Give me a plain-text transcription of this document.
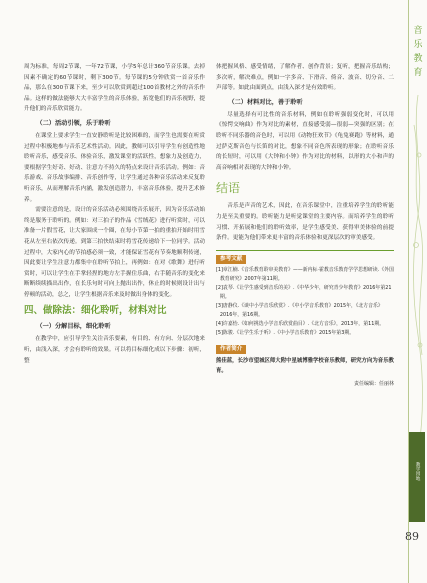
周为标准，每周2节课，一年72节课，小学5年总计360节音乐课。去掉因素不确定的60节课时，剩下300节。每节课的5分钟欣赏一首音乐作品，那么在300节课下来，至少可以欣赏到超过100首教材之外的音乐作品。这样的做法能够大大丰富学生的音乐体验，拓宽他们的音乐视野，提升他们的音乐欣赏能力。

（二）活动引领，乐于聆听

在课堂上要求学生一直安静聆听是比较困难的，而学生也需要在听赏过程中积极地参与音乐艺术性活动。因此，教师可以引导学生有创造性地聆听音乐，感受音乐、体验音乐，激发课堂的活跃性，想象力及创造力，要根据学生好奇、好动、注意力不持久的特点来设计音乐活动。例如：音乐游戏、音乐故事编排、音乐创作等，让学生通过各种音乐活动来反复聆听音乐，从而理解音乐内涵，激发创造潜力，丰富音乐体验，提升艺术修养。

需要注意的是，设计的音乐活动必须围绕音乐展开，因为音乐活动始终是服务于聆听的。例如：对三拍子的作品《雪绒花》进行听赏时，可以准备一片假雪花，让大家围成一个圈，在每小节第一拍的重拍开始时用雪花从左至右依次传递。到第三拍快结束时将雪花传递给下一位同学。活动过程中，大家内心的节拍感必须一致，才能保证雪花有节奏地顺利传递，因此要让学生注意力都集中在聆听节拍上，再例如：在对《歌舞》进行听赏时，可以让学生在手掌轻捏的地方左手握住乐曲，右手随音乐的变化来断断续续描出出作，在长乐句时可向上抛出出作，休止的时候则设计出与停顿的活动，总之，让学生根据音乐来及时做出身体的变化。

四、做除法：细化聆听，材料对比
（一）分解目标，细化聆听

在教学中，应引导学生关注音乐要素，有目的、有方向、分层次地来听，由浅入深，才会有聆听的效果。可以将目标细化成以下步骤：初听，整

体把握风格、感受情绪，了解作者、创作背景；复听，把握音乐结构；多次听，解决难点，例如一字多音、下滑音、倚音、波音、切分音、二声部等。如此由面到点，由浅入深才是有效聆听。

（二）材料对比，善于聆听

尽量选择有可比性的音乐材料，例如在聆听强弱变化时，可以用《惊愕交响曲》作为对比的素材，直接感受弱—很弱—突强的区别；在聆听不同乐器的音色时，可以用《动物狂欢节》《龟兔赛跑》等材料，通过萨克斯音色与长笛的对比，想象不同音色所表现的形象；在聆听音乐的长短时，可以用《大钟和小钟》作为对比的材料，以形的大小和声的高音响相对表现的大钟和小钟。

结语

音乐是声音的艺术，因此，在音乐课堂中，注重培养学生的聆听能力是至关重要的。聆听能力是听觉课堂的主要内容。而培养学生的聆听习惯、开拓展和他们的聆听效率，是学生感受美、获得审美体验的前提条件。更能为他们带来更丰富的音乐体验和更深层次的审美感受。

参考文献
[1]章江楠.《音乐教育聆审美教育》——新内标·霍教音乐教育学学思想研读.《外国教育研究》2007年第11期。
[2]袁琴.《让学生感受到音乐的美》.《中华少年，研究青少年教育》2016年第21期。
[3]唐静仪.《谈中小学音乐欣赏》.《中小学音乐教育》2015年，《北方音乐》2016年，第16期。
[4]许嘉怡.《如何挑选小学音乐欣赏曲目》.《北方音乐》，2013年，第11期。
[5]陈骏.《让学生乐于听》.《中小学音乐教育》2015年第3期。
作者简介
熊佳蓝，长沙市望城区师大附中星城博雅学校音乐教师，研究方向为音乐教育。
责任编辑：任丽林
音乐教育
教学园地
89
